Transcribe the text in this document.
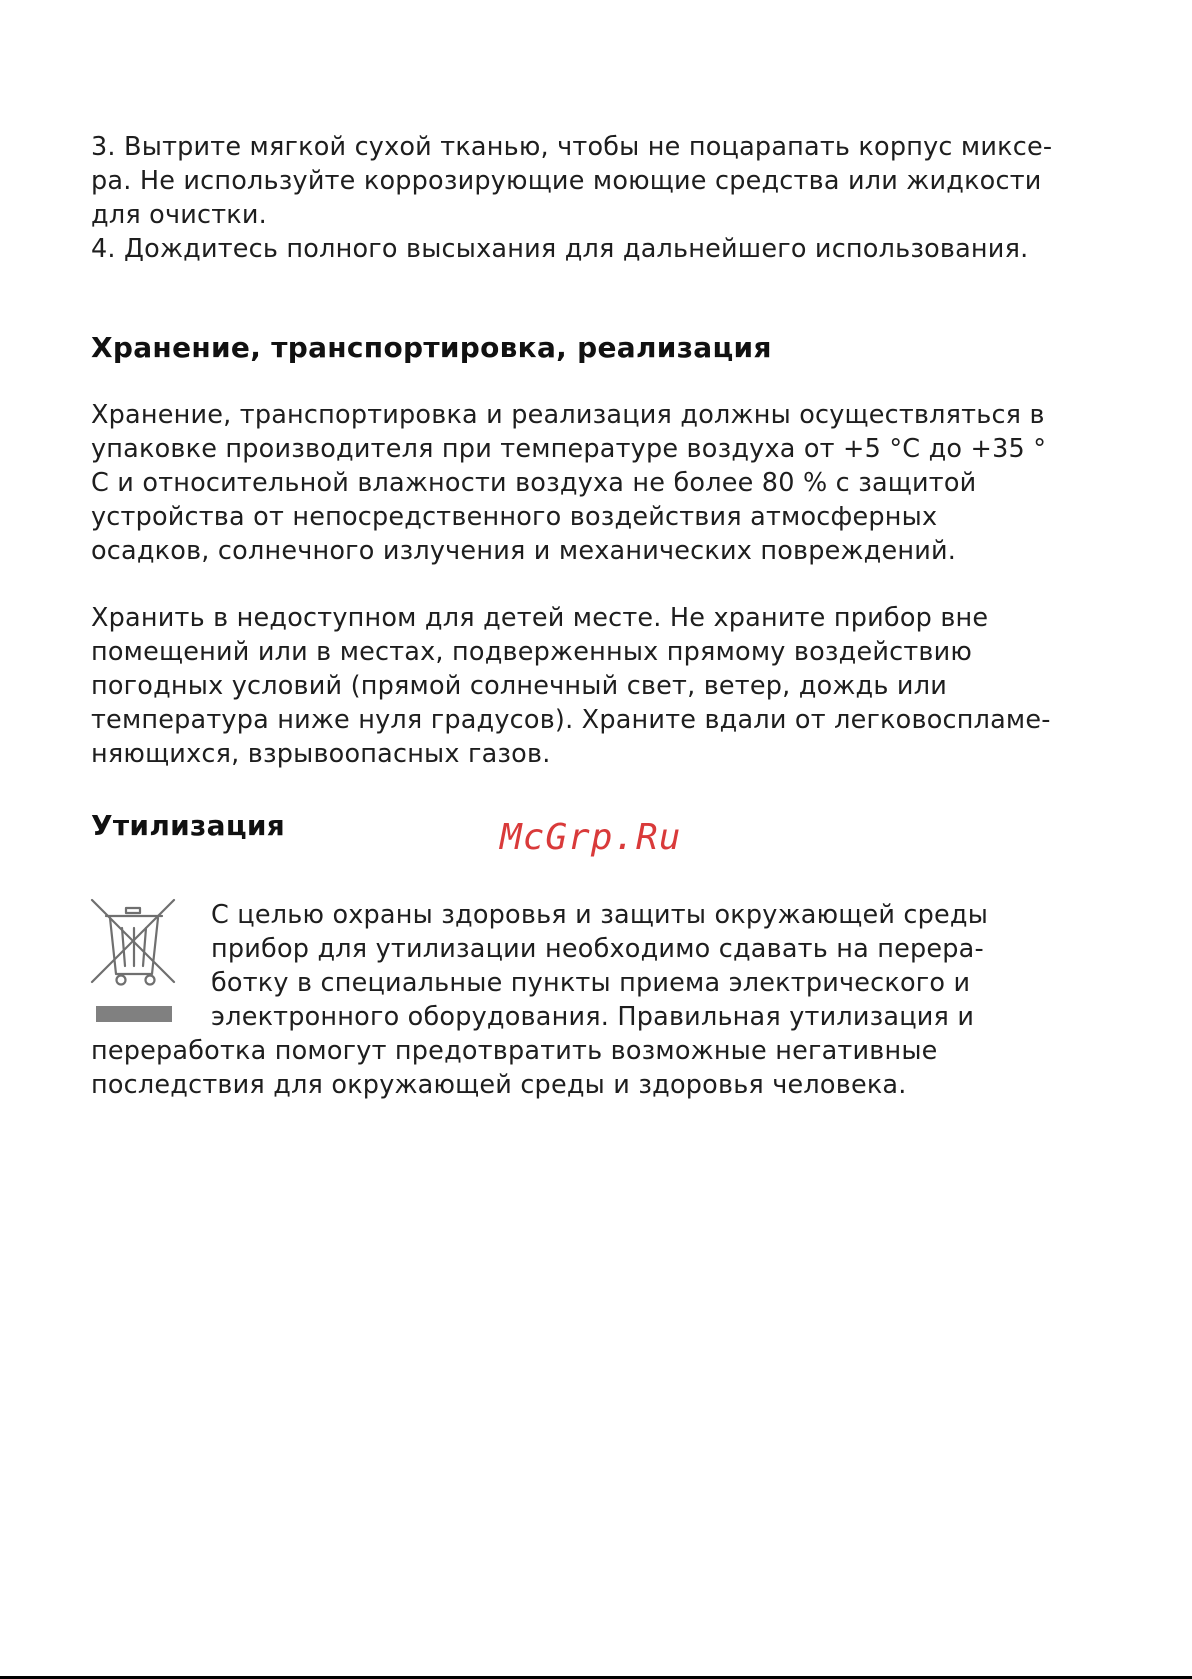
3. Вытрите мягкой сухой тканью, чтобы не поцарапать корпус миксе-

ра. Не используйте коррозирующие моющие средства или жидкости

для очистки.

4. Дождитесь полного высыхания для дальнейшего использования.

Хранение, транспортировка, реализация

Хранение, транспортировка и реализация должны осуществляться в

упаковке производителя при температуре воздуха от +5 °С до +35 °

С и относительной влажности воздуха не более 80 % с защитой

устройства от непосредственного воздействия атмосферных

осадков, солнечного излучения и механических повреждений.

Хранить в недоступном для детей месте. Не храните прибор вне

помещений или в местах, подверженных прямому воздействию

погодных условий (прямой солнечный свет, ветер, дождь или

температура ниже нуля градусов). Храните вдали от легковоспламе-

няющихся, взрывоопасных газов.

Утилизация	McGrp.Ru

С целью охраны здоровья и защиты окружающей среды

прибор для утилизации необходимо сдавать на перера-

ботку в специальные пункты приема электрического и

электронного оборудования. Правильная утилизация и

переработка помогут предотвратить возможные негативные

последствия для окружающей среды и здоровья человека.
